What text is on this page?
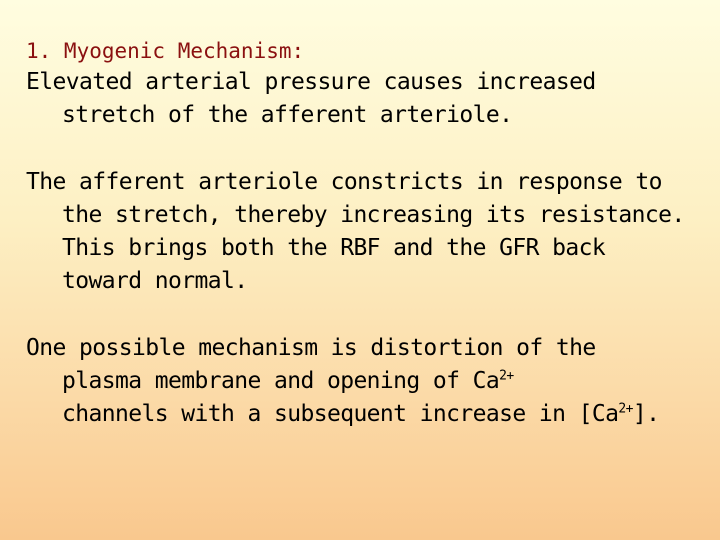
1. Myogenic Mechanism:
Elevated arterial pressure causes increased
stretch of the afferent arteriole.
The afferent arteriole constricts in response to
the stretch, thereby increasing its resistance.
This brings both the RBF and the GFR back
toward normal.
One possible mechanism is distortion of the
plasma membrane and opening of $Ca^{2+}$
channels with a subsequent increase in $[Ca^{2+}]$.
